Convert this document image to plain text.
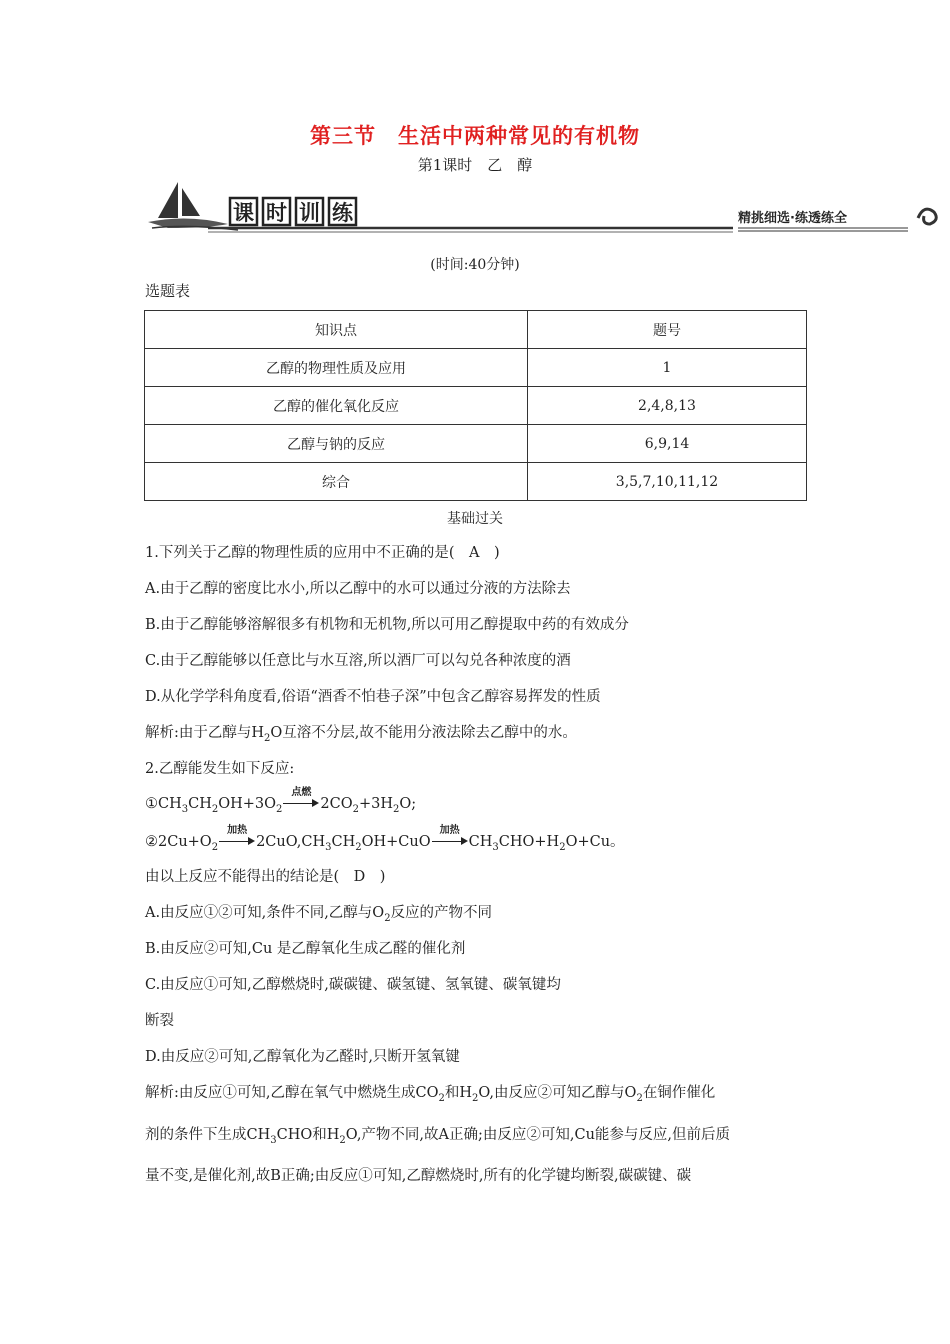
第三节　生活中两种常见的有机物
第1课时　乙　醇
课时训练	精挑细选·练透练全
(时间:40分钟)
选题表
知识点	题号
乙醇的物理性质及应用	1
乙醇的催化氧化反应	2,4,8,13
乙醇与钠的反应	6,9,14
综合	3,5,7,10,11,12
基础过关
1.下列关于乙醇的物理性质的应用中不正确的是(　A　)
A.由于乙醇的密度比水小,所以乙醇中的水可以通过分液的方法除去
B.由于乙醇能够溶解很多有机物和无机物,所以可用乙醇提取中药的有效成分
C.由于乙醇能够以任意比与水互溶,所以酒厂可以勾兑各种浓度的酒
D.从化学学科角度看,俗语“酒香不怕巷子深”中包含乙醇容易挥发的性质
解析:由于乙醇与$H_2O$互溶不分层,故不能用分液法除去乙醇中的水。
2.乙醇能发生如下反应:
$①CH_3CH_2OH+3O_2$
点燃
$2CO_2+3H_2O$;
$②2Cu+O_2$
加热
$2CuO,CH_3CH_2OH+CuO$
加热
$CH_3CHO+H_2O+Cu$。
由以上反应不能得出的结论是(　D　)
A.由反应①②可知,条件不同,乙醇与$O_2$反应的产物不同
B.由反应②可知,Cu 是乙醇氧化生成乙醛的催化剂
C.由反应①可知,乙醇燃烧时,碳碳键、碳氢键、氢氧键、碳氧键均
断裂
D.由反应②可知,乙醇氧化为乙醛时,只断开氢氧键
解析:由反应①可知,乙醇在氧气中燃烧生成$CO_2$和$H_2O$,由反应②可知乙醇与$O_2$在铜作催化
剂的条件下生成$CH_3CHO$和$H_2O$,产物不同,故A正确;由反应②可知,Cu能参与反应,但前后质
量不变,是催化剂,故B正确;由反应①可知,乙醇燃烧时,所有的化学键均断裂,碳碳键、碳
